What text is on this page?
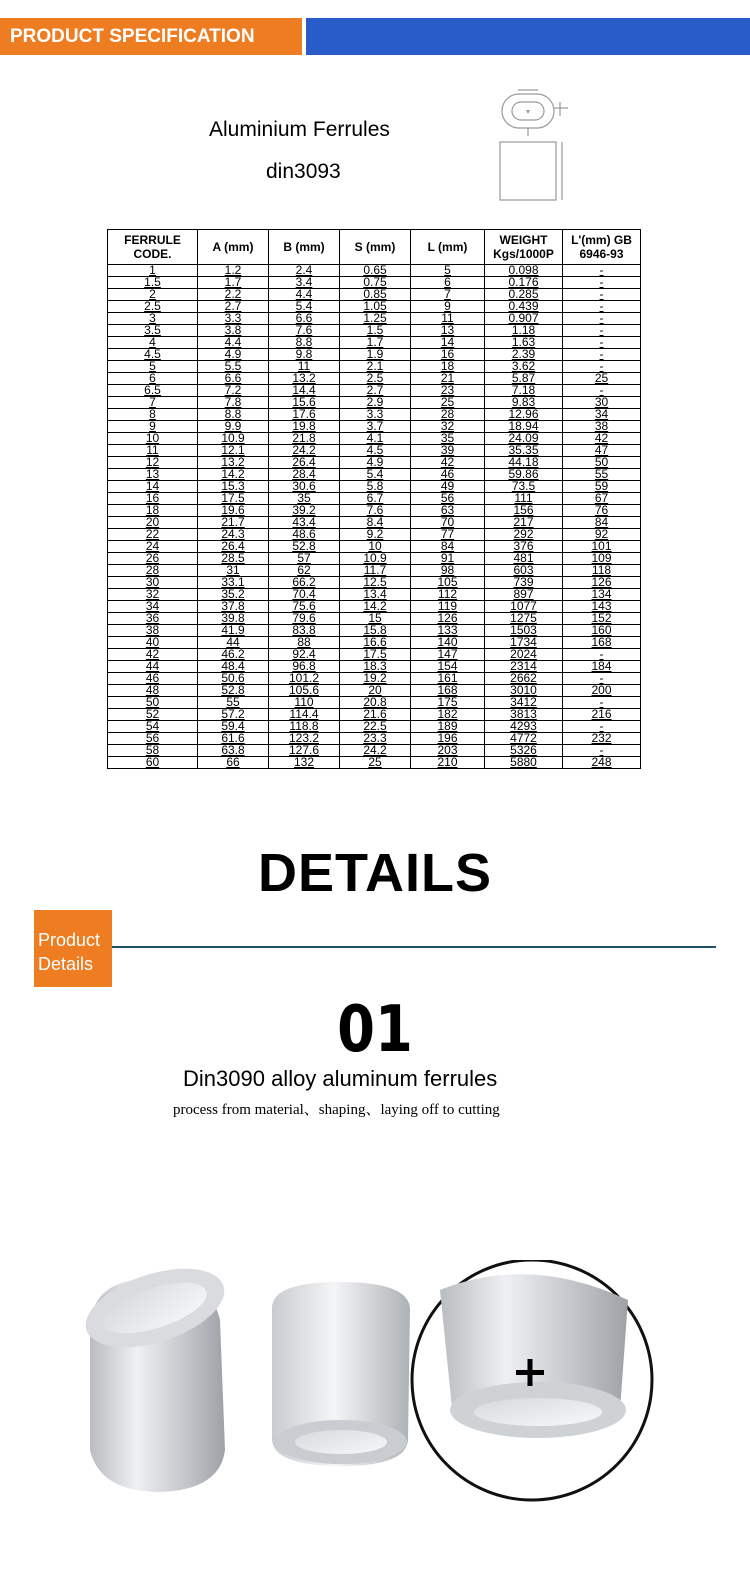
PRODUCT SPECIFICATION
Aluminium Ferrules
din3093
FERRULE CODE.	A (mm)	B (mm)	S (mm)	L (mm)	WEIGHT Kgs/1000P	L'(mm) GB 6946-93
1	1.2	2.4	0.65	5	0.098	-
1.5	1.7	3.4	0.75	6	0.176	-
2	2.2	4.4	0.85	7	0.285	-
2.5	2.7	5.4	1.05	9	0.439	-
3	3.3	6.6	1.25	11	0.907	-
3.5	3.8	7.6	1.5	13	1.18	-
4	4.4	8.8	1.7	14	1.63	-
4.5	4.9	9.8	1.9	16	2.39	-
5	5.5	11	2.1	18	3.62	-
6	6.6	13.2	2.5	21	5.87	25
6.5	7.2	14.4	2.7	23	7.18	-
7	7.8	15.6	2.9	25	9.83	30
8	8.8	17.6	3.3	28	12.96	34
9	9.9	19.8	3.7	32	18.94	38
10	10.9	21.8	4.1	35	24.09	42
11	12.1	24.2	4.5	39	35.35	47
12	13.2	26.4	4.9	42	44.18	50
13	14.2	28.4	5.4	46	59.86	55
14	15.3	30.6	5.8	49	73.5	59
16	17.5	35	6.7	56	111	67
18	19.6	39.2	7.6	63	156	76
20	21.7	43.4	8.4	70	217	84
22	24.3	48.6	9.2	77	292	92
24	26.4	52.8	10	84	376	101
26	28.5	57	10.9	91	481	109
28	31	62	11.7	98	603	118
30	33.1	66.2	12.5	105	739	126
32	35.2	70.4	13.4	112	897	134
34	37.8	75.6	14.2	119	1077	143
36	39.8	79.6	15	126	1275	152
38	41.9	83.8	15.8	133	1503	160
40	44	88	16.6	140	1734	168
42	46.2	92.4	17.5	147	2024	-
44	48.4	96.8	18.3	154	2314	184
46	50.6	101.2	19.2	161	2662	-
48	52.8	105.6	20	168	3010	200
50	55	110	20.8	175	3412	-
52	57.2	114.4	21.6	182	3813	216
54	59.4	118.8	22.5	189	4293	-
56	61.6	123.2	23.3	196	4772	232
58	63.8	127.6	24.2	203	5326	-
60	66	132	25	210	5880	248
DETAILS
Product
Details
01
Din3090 alloy aluminum ferrules
process from material、shaping、laying off to cutting
